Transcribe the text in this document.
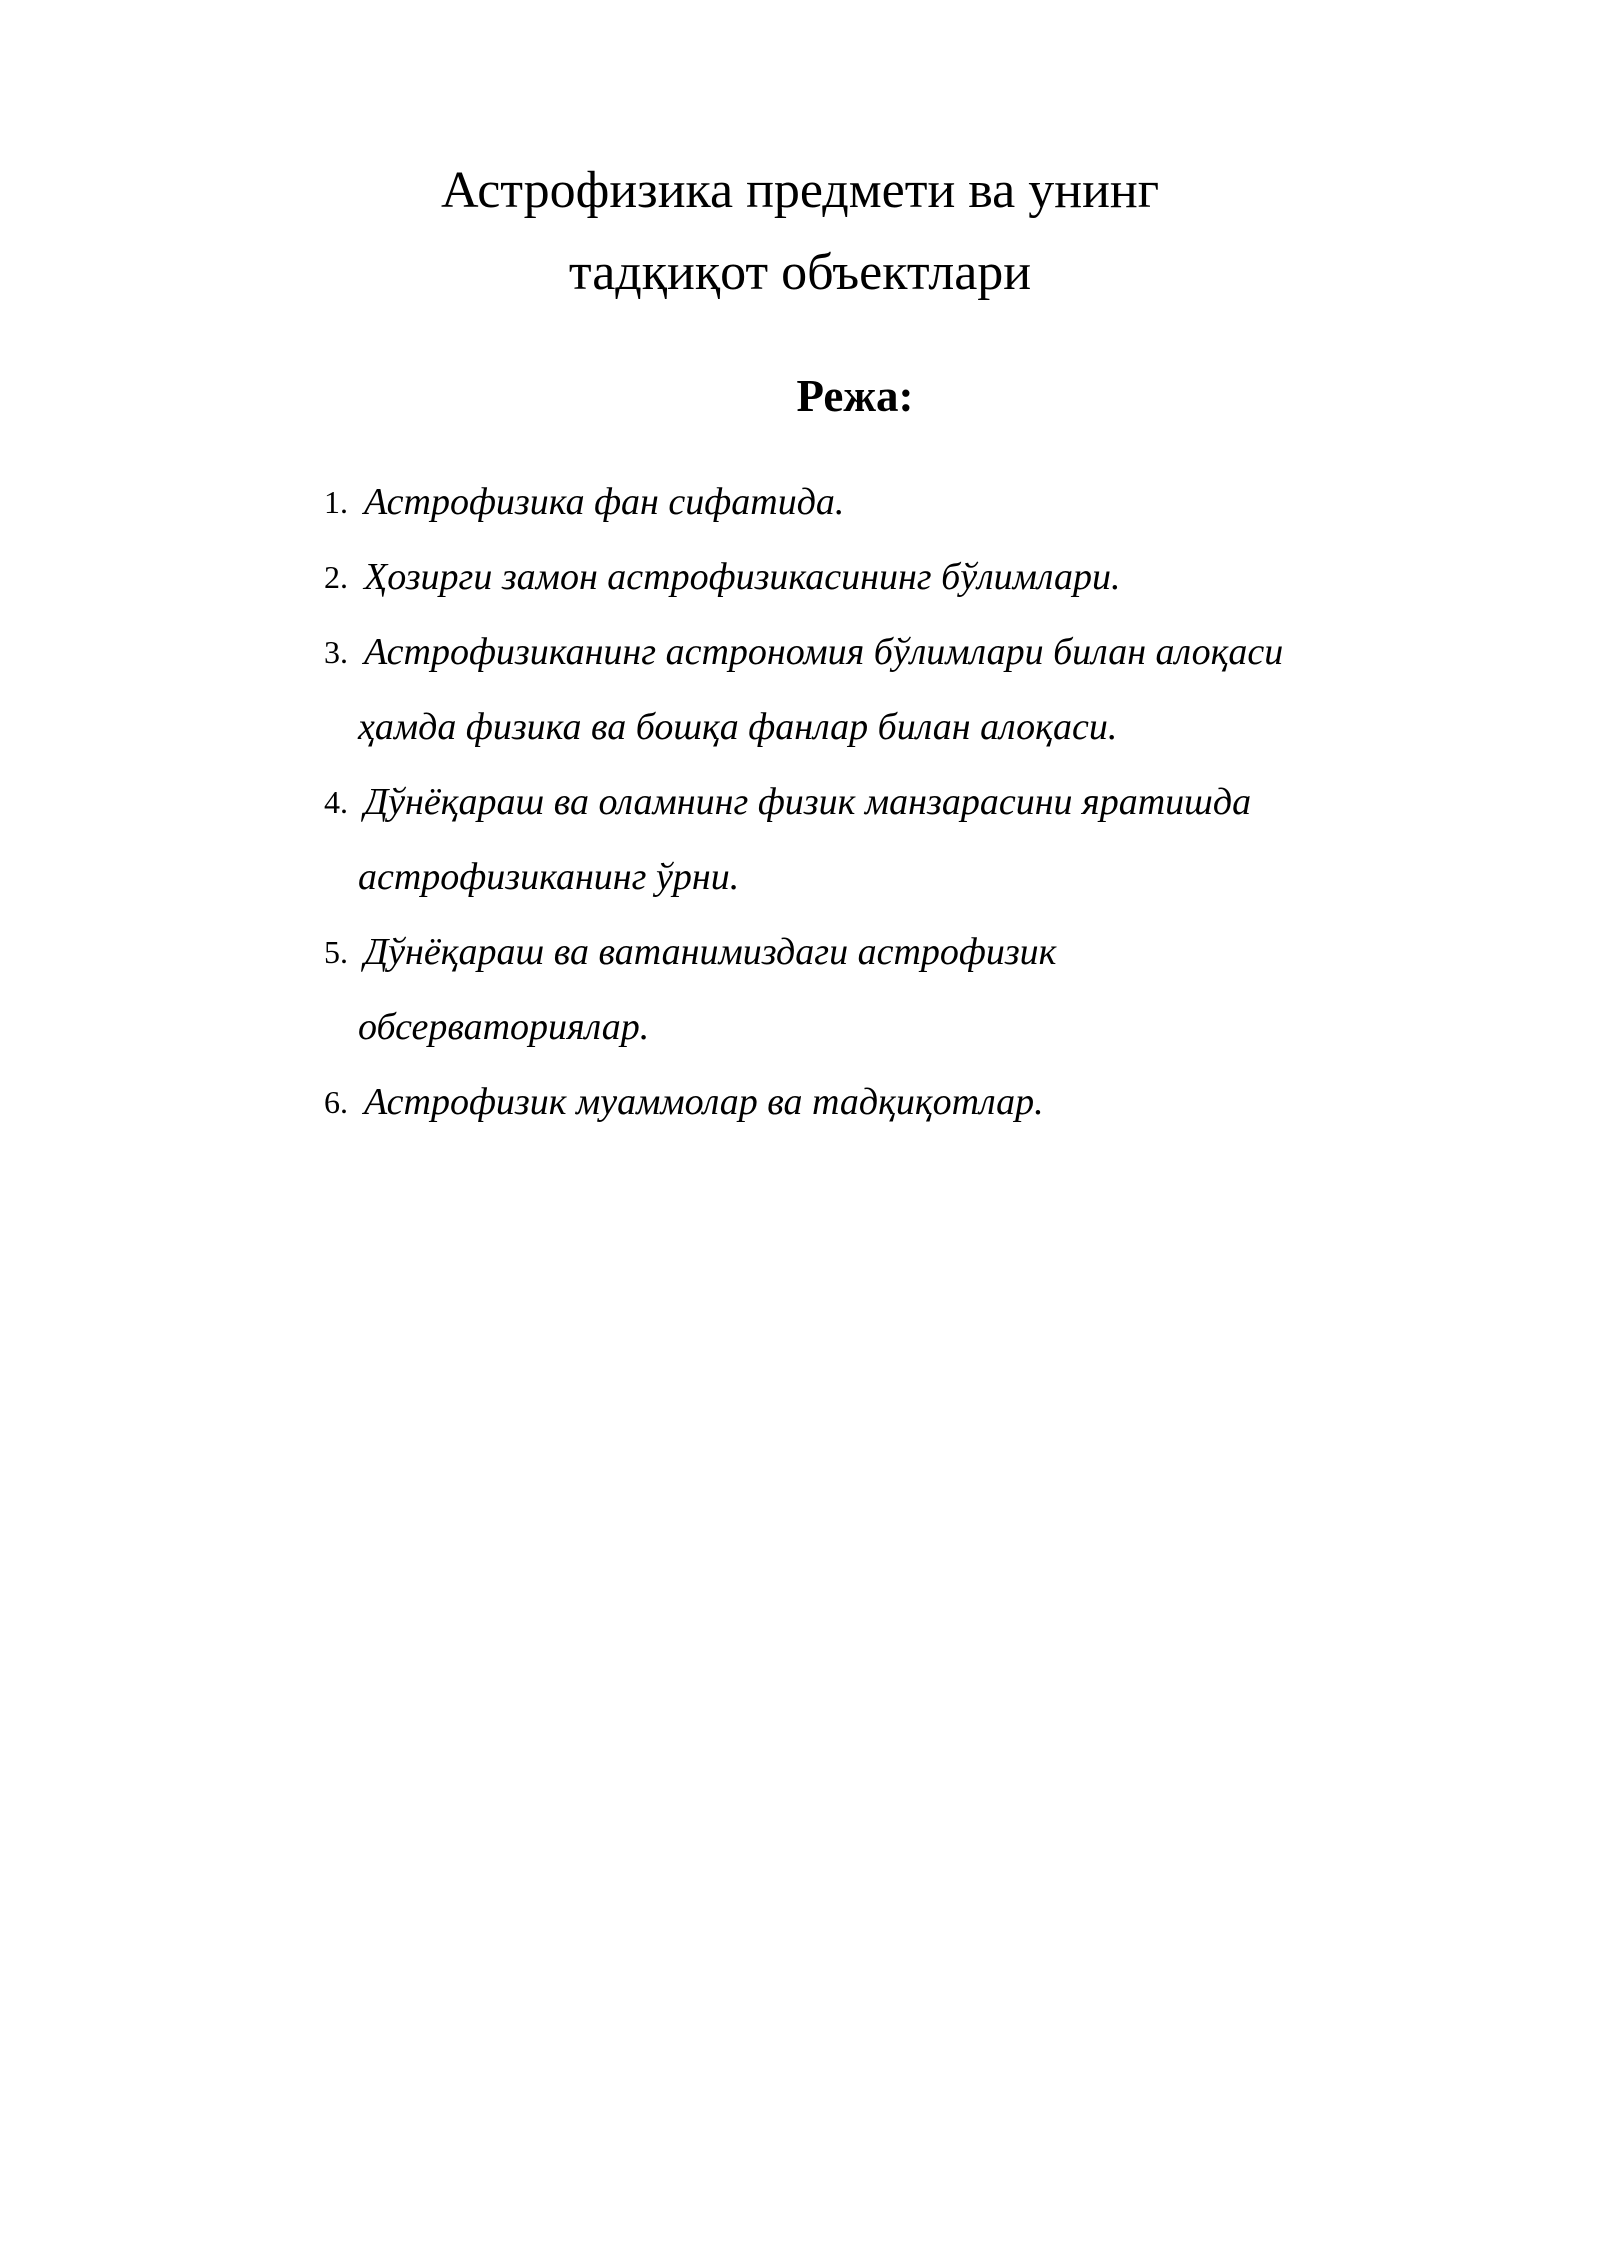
Астрофизика предмети ва унинг
тадқиқот объектлари
Режа:
1. Астрофизика фан сифатида.
2. Ҳозирги замон астрофизикасининг бўлимлари.
3. Астрофизиканинг астрономия бўлимлари билан алоқаси
ҳамда физика ва бошқа фанлар билан алоқаси.
4. Дўнёқараш ва оламнинг физик манзарасини яратишда
астрофизиканинг ўрни.
5. Дўнёқараш ва ватанимиздаги астрофизик
обсерваториялар.
6. Астрофизик муаммолар ва тадқиқотлар.
